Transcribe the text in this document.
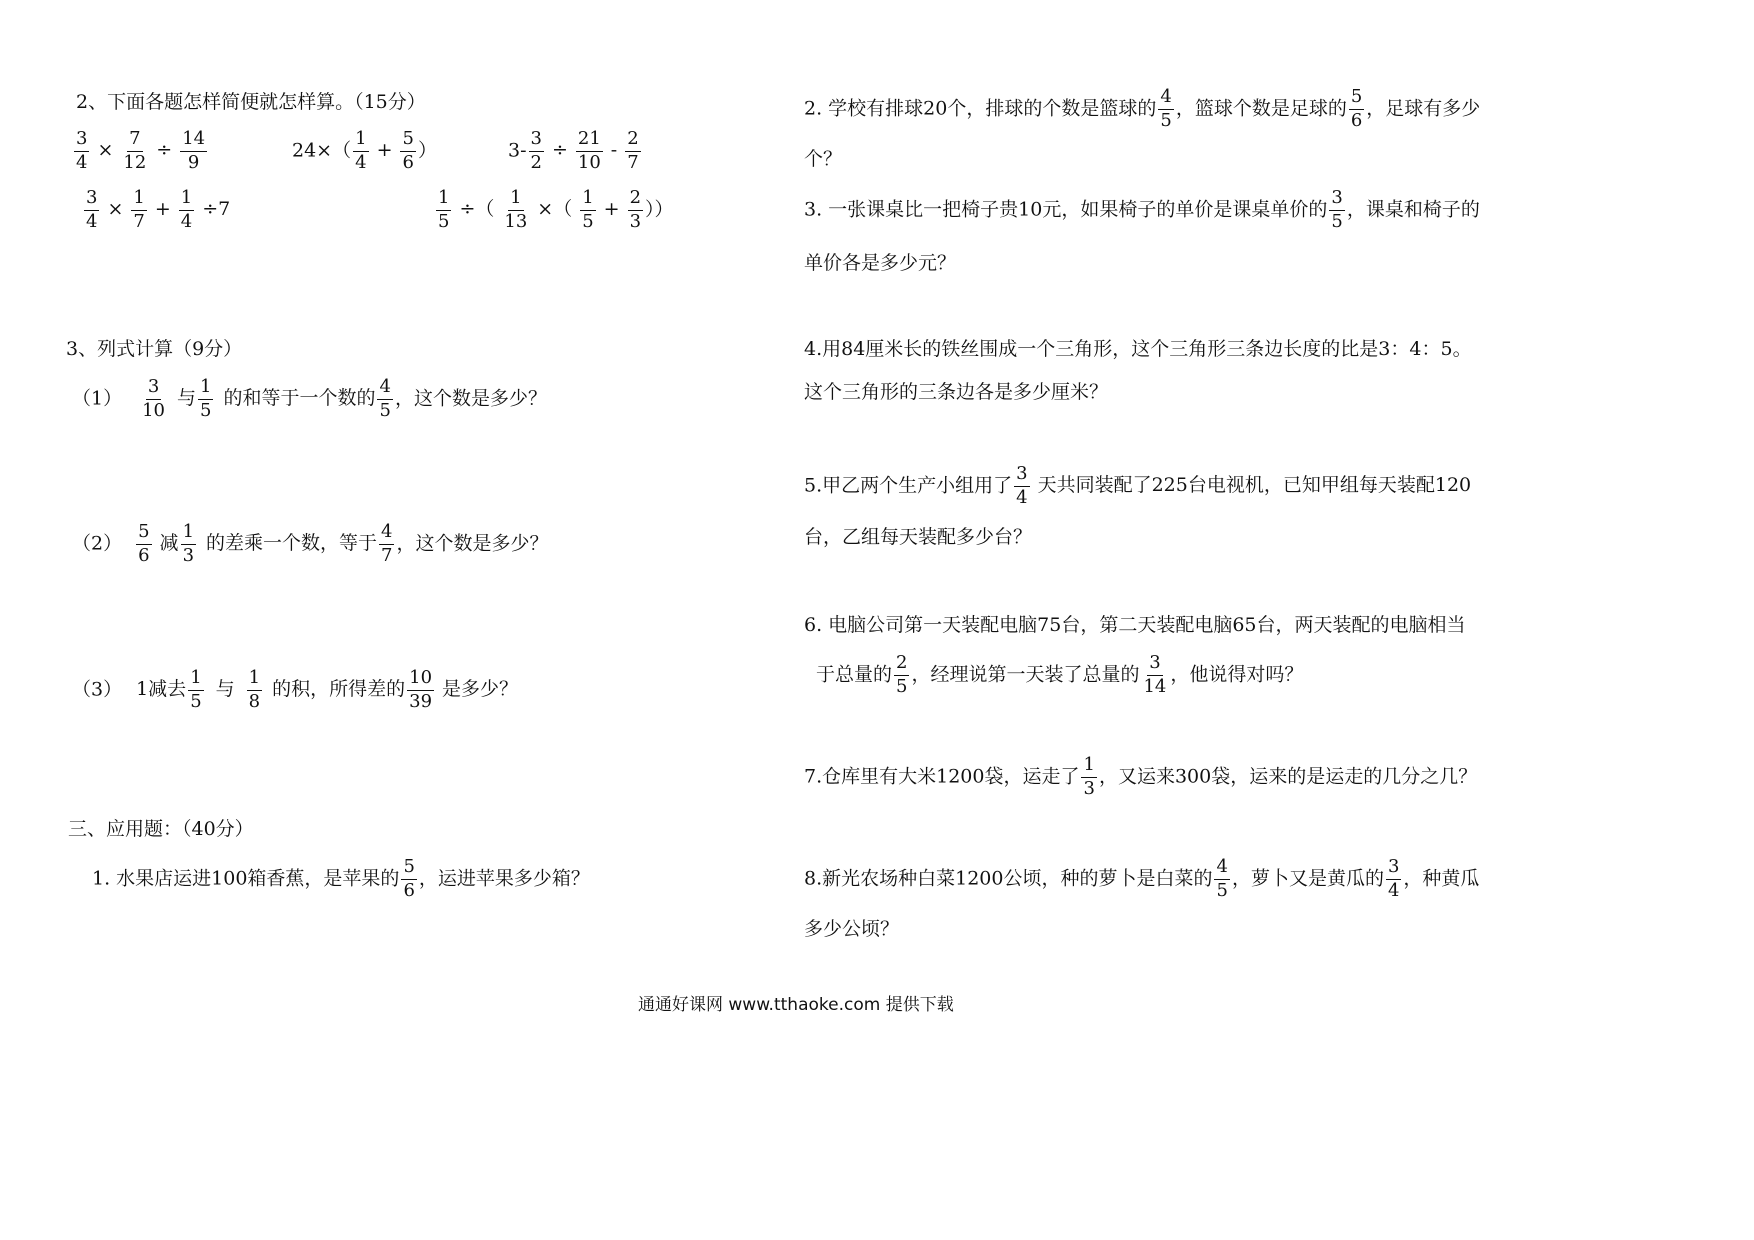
2、下面各题怎样简便就怎样算。（15分）
$\frac{3}{4} \times \frac{7}{12} \div \frac{14}{9}$	$24\times( \frac{1}{4} + \frac{5}{6}$ ）	$3- \frac{3}{2} \div \frac{21}{10} - \frac{2}{7}$
$\frac{3}{4} \times \frac{1}{7} + \frac{1}{4} \div 7$	$\frac{1}{5}$ ÷（ $\frac{1}{13}$ ×（ $\frac{1}{5} + \frac{2}{3}$ ））
3、列式计算（9分）
$(1) \frac{3}{10}$ 与 $\frac{1}{5}$ 的和等于一个数的 $\frac{4}{5}$ ，这个数是多少？
$(2) \frac{5}{6}$ 减 $\frac{1}{3}$ 的差乘一个数，等于 $\frac{4}{7}$ ，这个数是多少？
（3） 1减去 $\frac{1}{5}$ 与 $\frac{1}{8}$ 的积，所得差的 $\frac{10}{39}$ 是多少？
三、应用题：（40分）
1. 水果店运进100箱香蕉，是苹果的 $\frac{5}{6}$ ，运进苹果多少箱？
2. 学校有排球20个，排球的个数是篮球的 $\frac{4}{5}$ ，篮球个数是足球的 $\frac{5}{6}$ ，足球有多少
个？
3. 一张课桌比一把椅子贵10元，如果椅子的单价是课桌单价的 $\frac{3}{5}$ ，课桌和椅子的
单价各是多少元？
4.用84厘米长的铁丝围成一个三角形，这个三角形三条边长度的比是3：4：5。
这个三角形的三条边各是多少厘米？
5.甲乙两个生产小组用了 $\frac{3}{4}$ 天共同装配了225台电视机，已知甲组每天装配120
台，乙组每天装配多少台？
6. 电脑公司第一天装配电脑75台，第二天装配电脑65台，两天装配的电脑相当
于总量的 $\frac{2}{5}$ ，经理说第一天装了总量的 $\frac{3}{14}$ ，他说得对吗？
7.仓库里有大米1200袋，运走了 $\frac{1}{3}$ ，又运来300袋，运来的是运走的几分之几？
8.新光农场种白菜1200公顷，种的萝卜是白菜的 $\frac{4}{5}$ ，萝卜又是黄瓜的 $\frac{3}{4}$ ，种黄瓜
多少公顷？
通通好课网 www.tthaoke.com 提供下载
